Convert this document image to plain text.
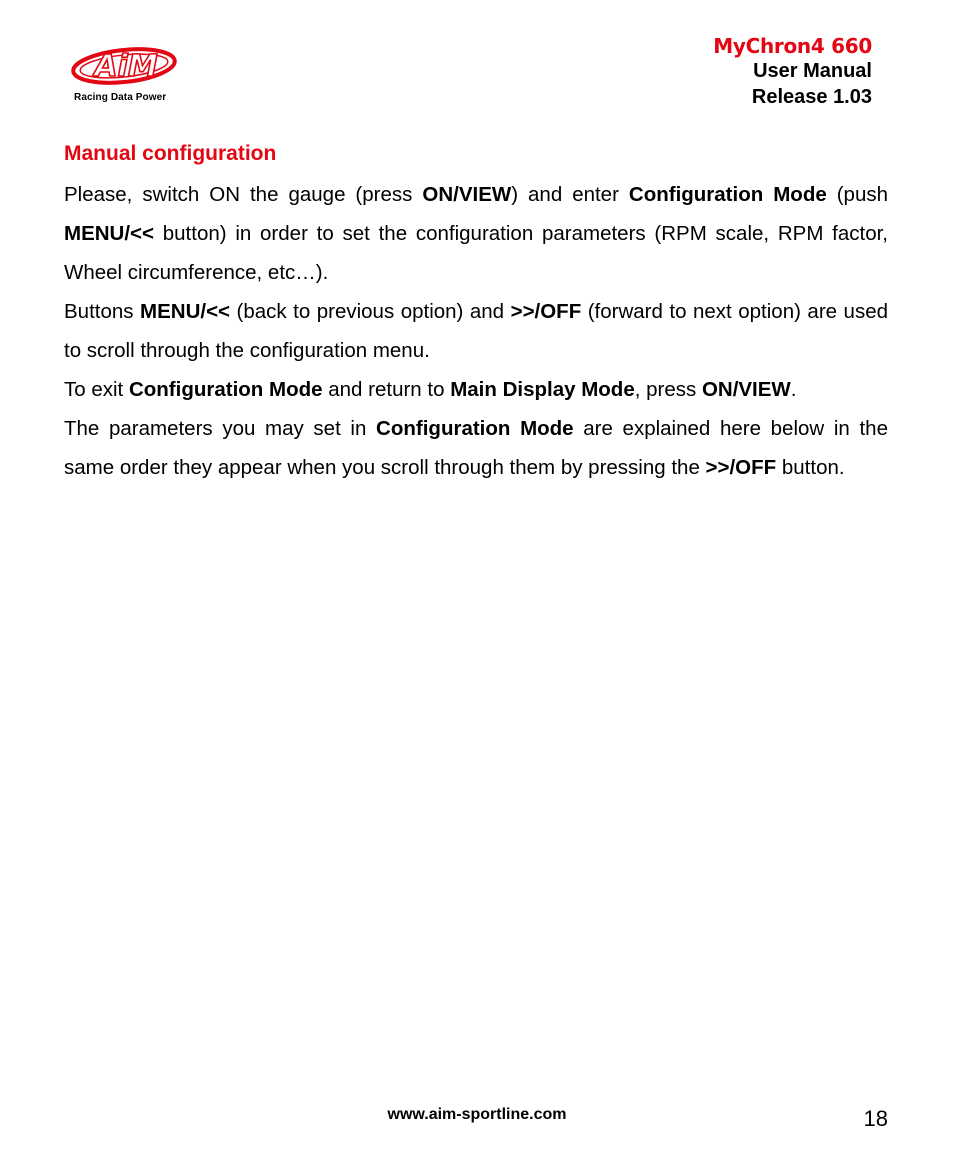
AiM
Racing Data Power
MyChron4 660
User Manual
Release 1.03
Manual configuration

Please, switch ON the gauge (press ON/VIEW) and enter Configuration Mode (push MENU/<< button) in order to set the configuration parameters (RPM scale, RPM factor, Wheel circumference, etc…).

Buttons MENU/<< (back to previous option) and >>/OFF (forward to next option) are used to scroll through the configuration menu.

To exit Configuration Mode and return to Main Display Mode, press ON/VIEW.

The parameters you may set in Configuration Mode are explained here below in the same order they appear when you scroll through them by pressing the >>/OFF button.

www.aim-sportline.com	18
